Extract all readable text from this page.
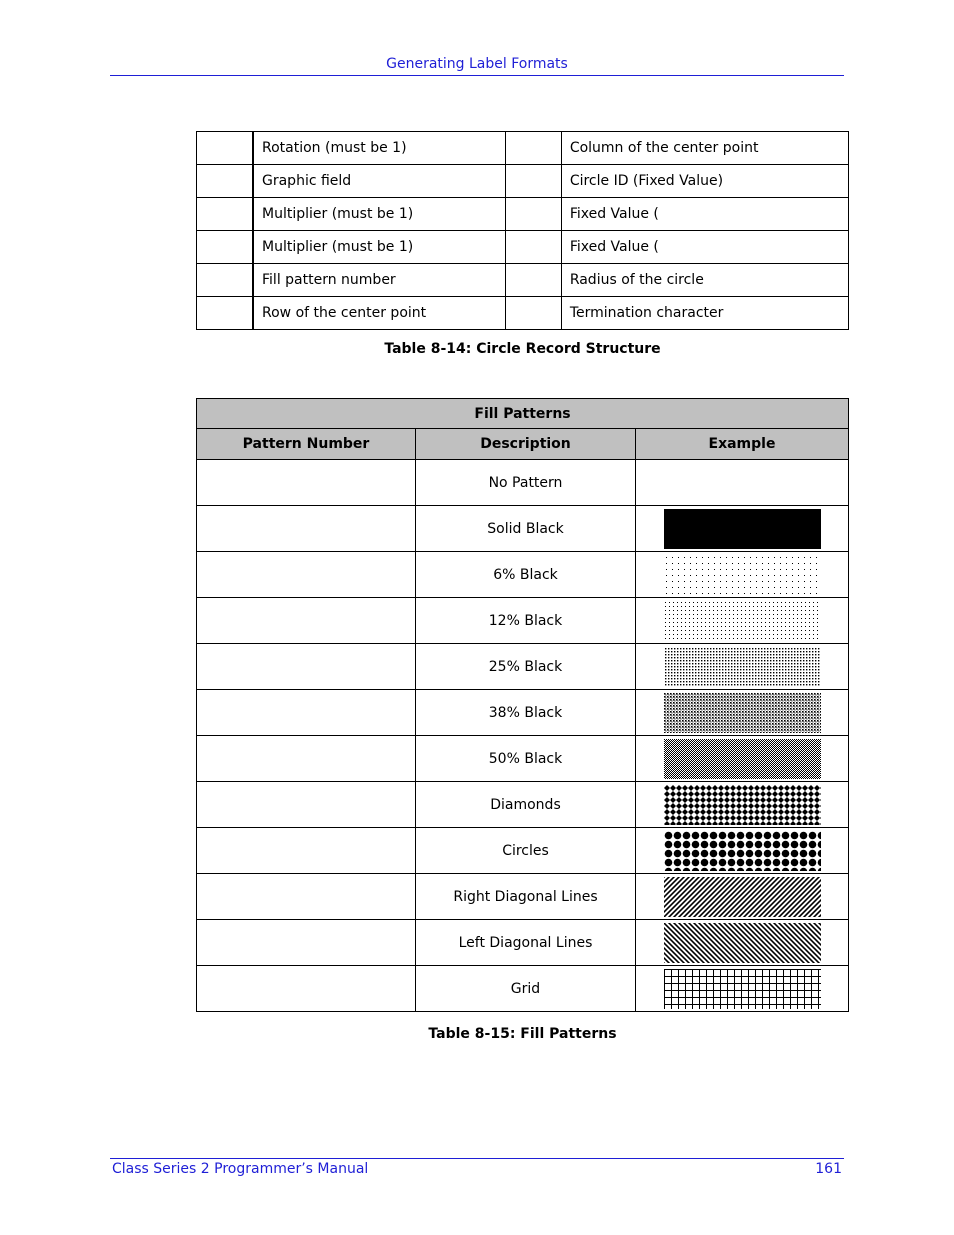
Generating Label Formats
	Rotation (must be 1)		Column of the center point
	Graphic field		Circle ID (Fixed Value)
	Multiplier (must be 1)		Fixed Value (
	Multiplier (must be 1)		Fixed Value (
	Fill pattern number		Radius of the circle
	Row of the center point		Termination character
Table 8-14: Circle Record Structure
Fill Patterns		
Pattern Number	Description	Example
	No Pattern	
	Solid Black	

	6% Black	

	12% Black	

	25% Black	

	38% Black	

	50% Black	

	Diamonds	

	Circles	

	Right Diagonal Lines	

	Left Diagonal Lines	

	Grid	
Table 8-15: Fill Patterns
Class Series 2 Programmer’s Manual	161
